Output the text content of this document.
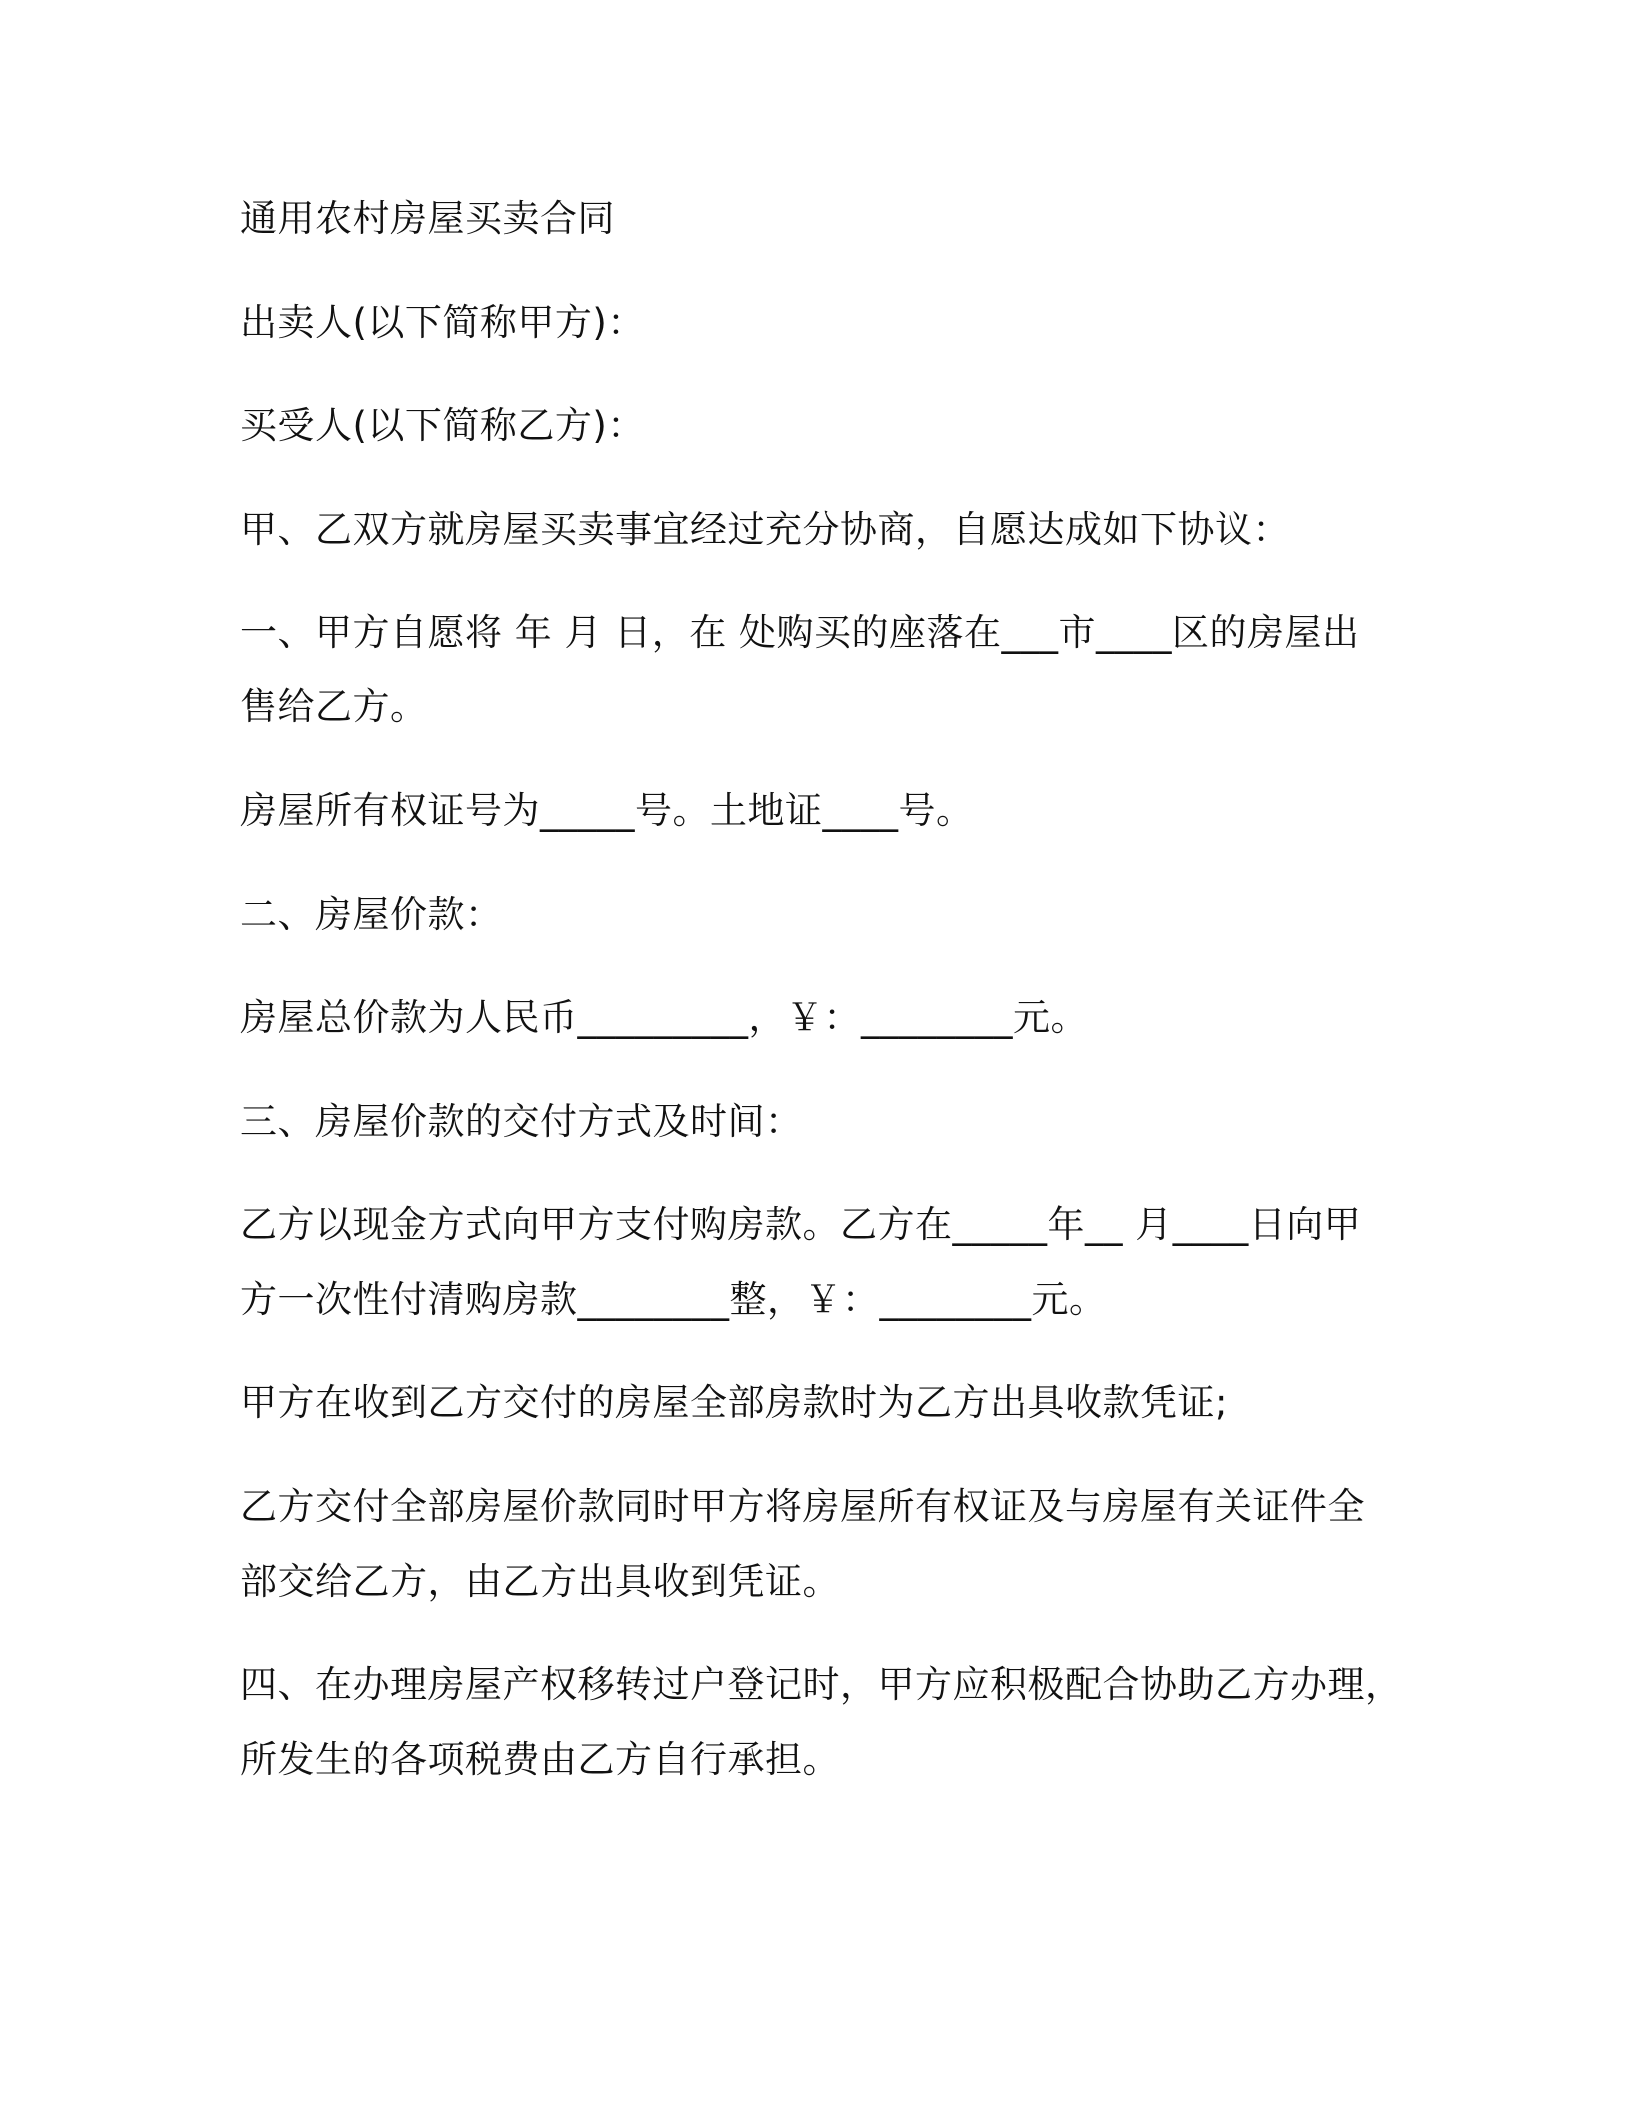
通用农村房屋买卖合同
出卖人(以下简称甲方)：
买受人(以下简称乙方)：
甲、乙双方就房屋买卖事宜经过充分协商，自愿达成如下协议：
一、甲方自愿将 年 月 日，在 处购买的座落在___市____区的房屋出
售给乙方。
房屋所有权证号为_____号。土地证____号。
二、房屋价款：
房屋总价款为人民币_________，￥：________元。
三、房屋价款的交付方式及时间：
乙方以现金方式向甲方支付购房款。乙方在_____年__ 月____日向甲
方一次性付清购房款________整，￥：________元。
甲方在收到乙方交付的房屋全部房款时为乙方出具收款凭证;
乙方交付全部房屋价款同时甲方将房屋所有权证及与房屋有关证件全
部交给乙方，由乙方出具收到凭证。
四、在办理房屋产权移转过户登记时，甲方应积极配合协助乙方办理，
所发生的各项税费由乙方自行承担。
